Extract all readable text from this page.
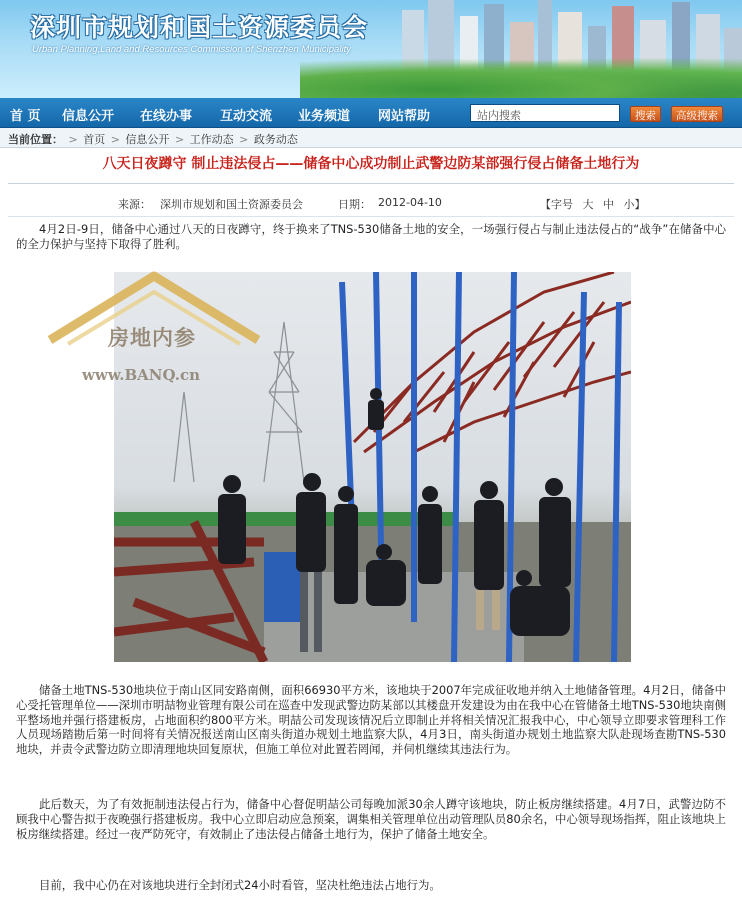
深圳市规划和国土资源委员会
Urban Planning,Land and Resources Commission of Shenzhen Municipality
首 页 信息公开 在线办事 互动交流 业务频道 网站帮助	站内搜索	搜索	高级搜索
当前位置： > 首页 > 信息公开 > 工作动态 > 政务动态
八天日夜蹲守 制止违法侵占——储备中心成功制止武警边防某部强行侵占储备土地行为
来源： 深圳市规划和国土资源委员会	日期： 2012-04-10	【字号 大 中 小】

4月2日-9日，储备中心通过八天的日夜蹲守，终于换来了TNS-530储备土地的安全，一场强行侵占与制止违法侵占的“战争”在储备中心的全力保护与坚持下取得了胜利。

房地内参
www.BANQ.cn

储备土地TNS-530地块位于南山区同安路南侧，面积66930平方米，该地块于2007年完成征收地并纳入土地储备管理。4月2日，储备中心受托管理单位——深圳市明喆物业管理有限公司在巡查中发现武警边防某部以其楼盘开发建设为由在我中心在管储备土地TNS-530地块南侧平整场地并强行搭建板房，占地面积约800平方米。明喆公司发现该情况后立即制止并将相关情况汇报我中心，中心领导立即要求管理科工作人员现场踏勘后第一时间将有关情况报送南山区南头街道办规划土地监察大队，4月3日，南头街道办规划土地监察大队赴现场查勘TNS-530地块，并责令武警边防立即清理地块回复原状，但施工单位对此置若罔闻，并伺机继续其违法行为。

此后数天，为了有效扼制违法侵占行为，储备中心督促明喆公司每晚加派30余人蹲守该地块，防止板房继续搭建。4月7日，武警边防不顾我中心警告拟于夜晚强行搭建板房。我中心立即启动应急预案，调集相关管理单位出动管理队员80余名，中心领导现场指挥，阻止该地块上板房继续搭建。经过一夜严防死守，有效制止了违法侵占储备土地行为，保护了储备土地安全。

目前，我中心仍在对该地块进行全封闭式24小时看管，坚决杜绝违法占地行为。
